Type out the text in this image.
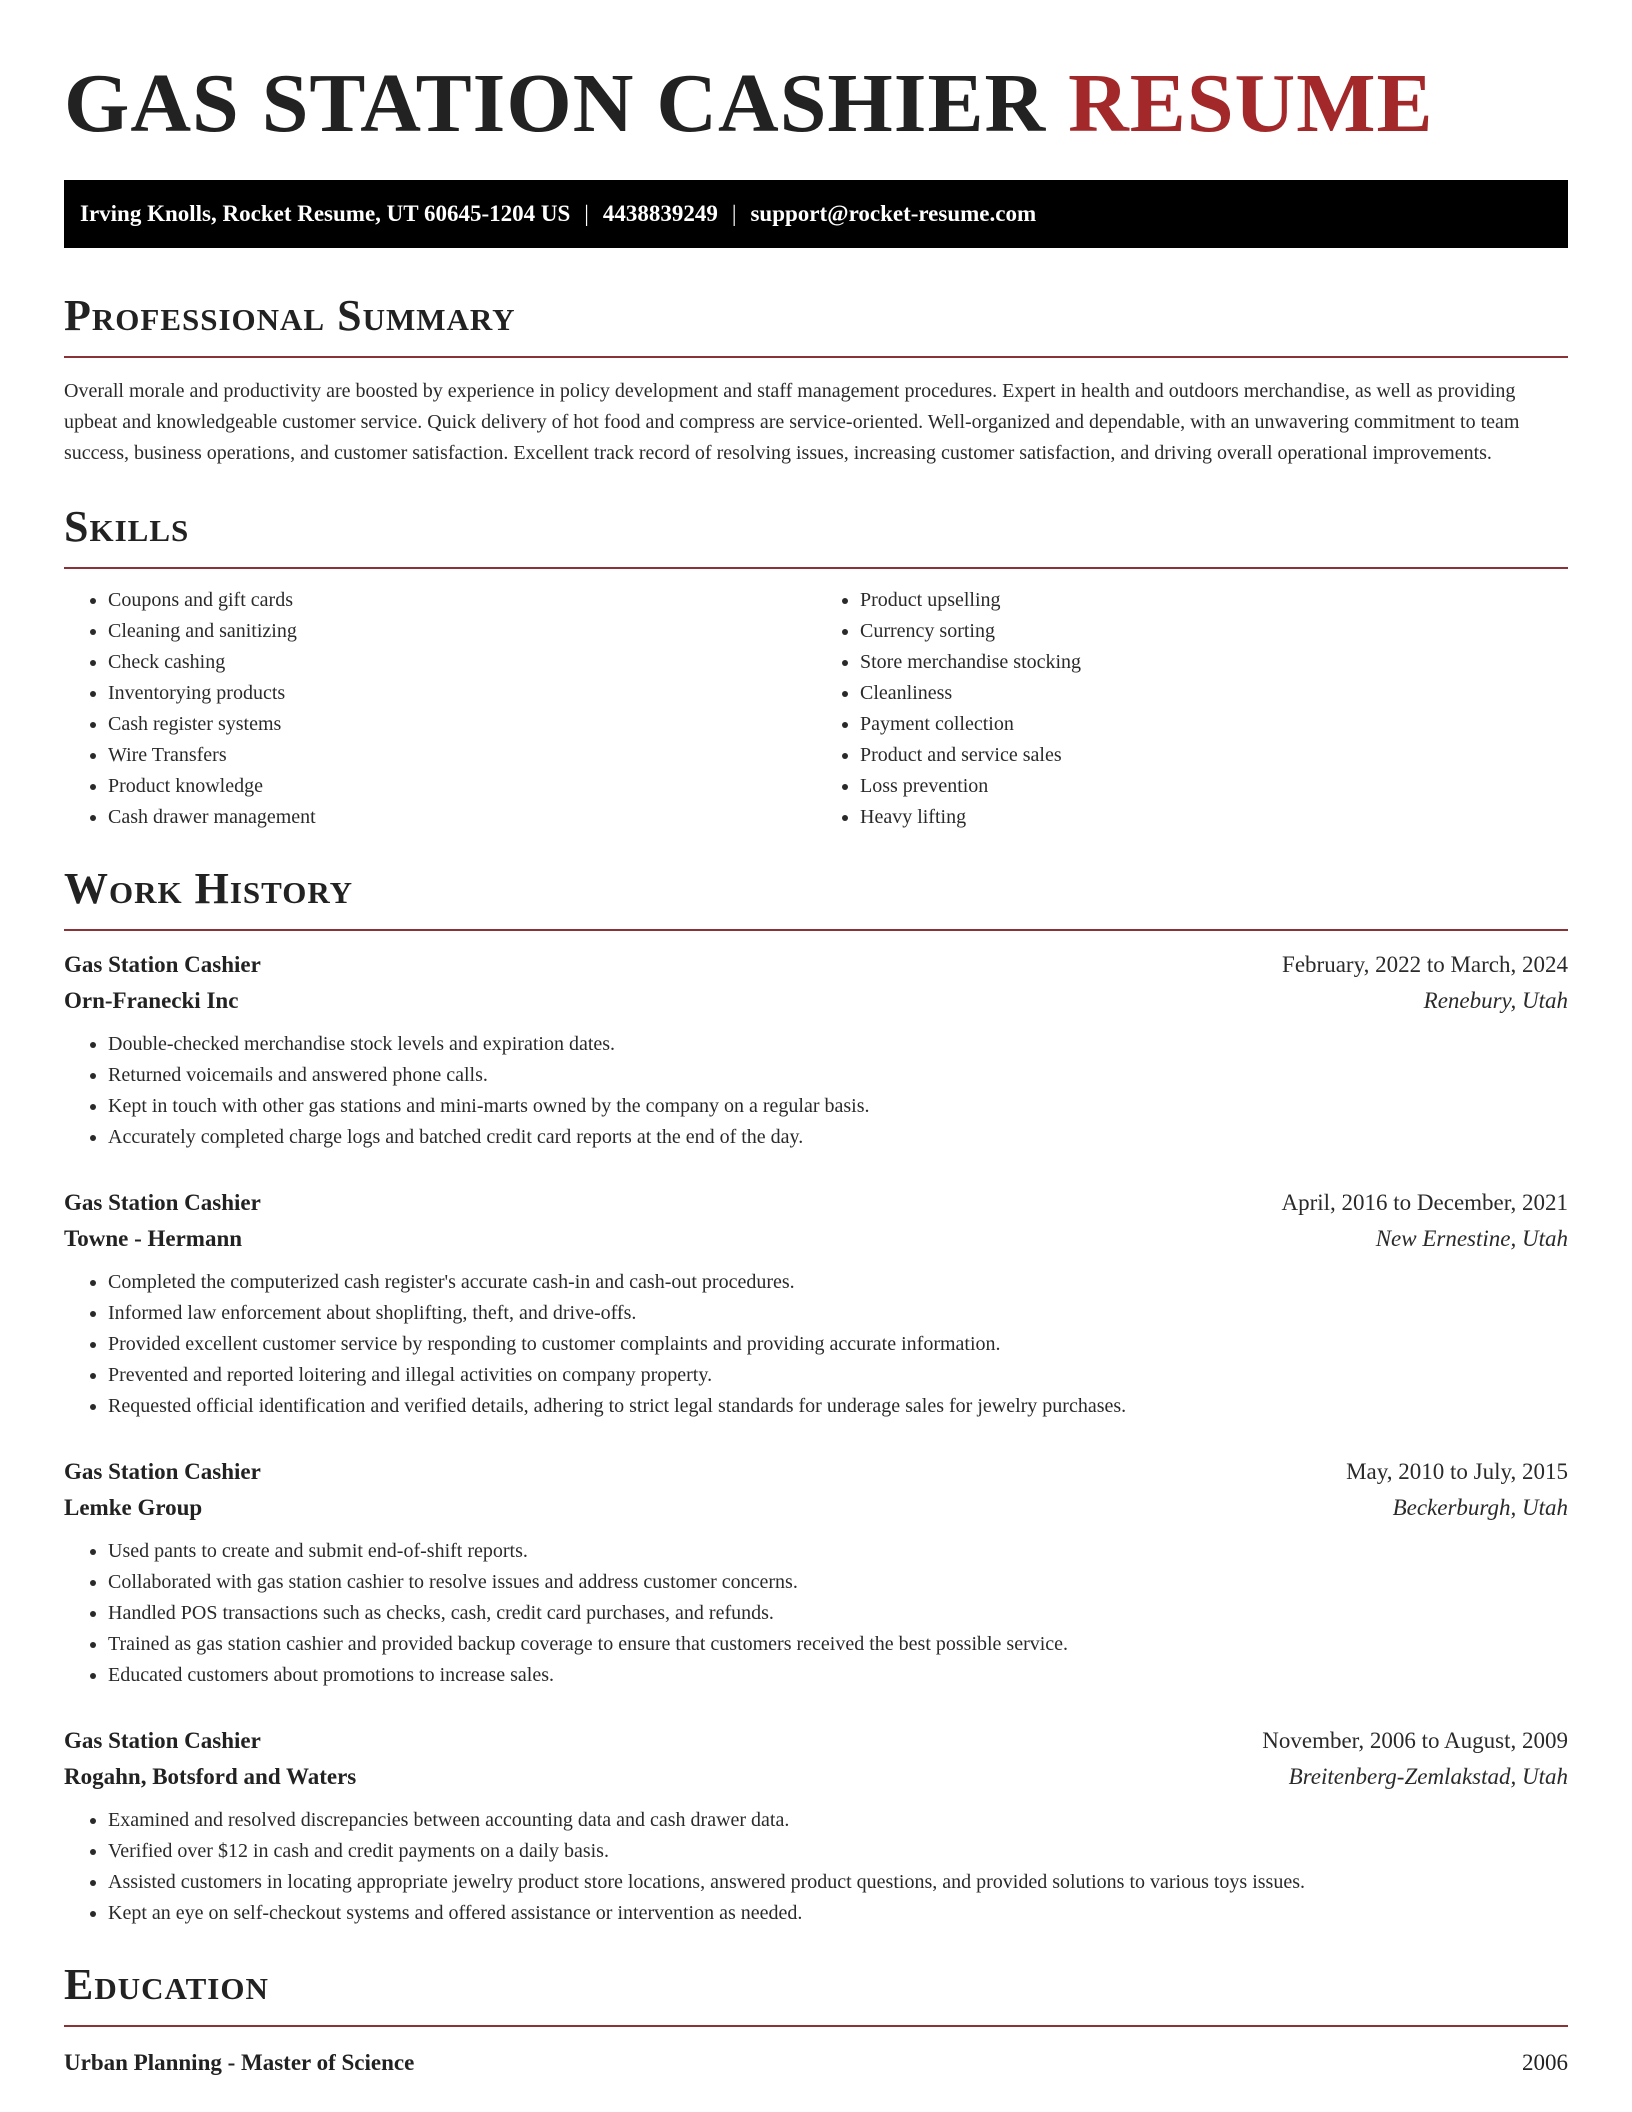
GAS STATION CASHIER RESUME
Irving Knolls, Rocket Resume, UT 60645-1204 US | 4438839249 | support@rocket-resume.com
Professional Summary

Overall morale and productivity are boosted by experience in policy development and staff management procedures. Expert in health and outdoors merchandise, as well as providing upbeat and knowledgeable customer service. Quick delivery of hot food and compress are service-oriented. Well-organized and dependable, with an unwavering commitment to team success, business operations, and customer satisfaction. Excellent track record of resolving issues, increasing customer satisfaction, and driving overall operational improvements.

Skills
• Coupons and gift cards
• Cleaning and sanitizing
• Check cashing
• Inventorying products
• Cash register systems
• Wire Transfers
• Product knowledge
• Cash drawer management
• Product upselling
• Currency sorting
• Store merchandise stocking
• Cleanliness
• Payment collection
• Product and service sales
• Loss prevention
• Heavy lifting
Work History
Gas Station Cashier	February, 2022 to March, 2024
Orn-Franecki Inc	Renebury, Utah
• Double-checked merchandise stock levels and expiration dates.
• Returned voicemails and answered phone calls.
• Kept in touch with other gas stations and mini-marts owned by the company on a regular basis.
• Accurately completed charge logs and batched credit card reports at the end of the day.
Gas Station Cashier	April, 2016 to December, 2021
Towne - Hermann	New Ernestine, Utah
• Completed the computerized cash register's accurate cash-in and cash-out procedures.
• Informed law enforcement about shoplifting, theft, and drive-offs.
• Provided excellent customer service by responding to customer complaints and providing accurate information.
• Prevented and reported loitering and illegal activities on company property.
• Requested official identification and verified details, adhering to strict legal standards for underage sales for jewelry purchases.
Gas Station Cashier	May, 2010 to July, 2015
Lemke Group	Beckerburgh, Utah
• Used pants to create and submit end-of-shift reports.
• Collaborated with gas station cashier to resolve issues and address customer concerns.
• Handled POS transactions such as checks, cash, credit card purchases, and refunds.
• Trained as gas station cashier and provided backup coverage to ensure that customers received the best possible service.
• Educated customers about promotions to increase sales.
Gas Station Cashier	November, 2006 to August, 2009
Rogahn, Botsford and Waters	Breitenberg-Zemlakstad, Utah
• Examined and resolved discrepancies between accounting data and cash drawer data.
• Verified over $12 in cash and credit payments on a daily basis.
• Assisted customers in locating appropriate jewelry product store locations, answered product questions, and provided solutions to various toys issues.
• Kept an eye on self-checkout systems and offered assistance or intervention as needed.
Education
Urban Planning - Master of Science	2006
